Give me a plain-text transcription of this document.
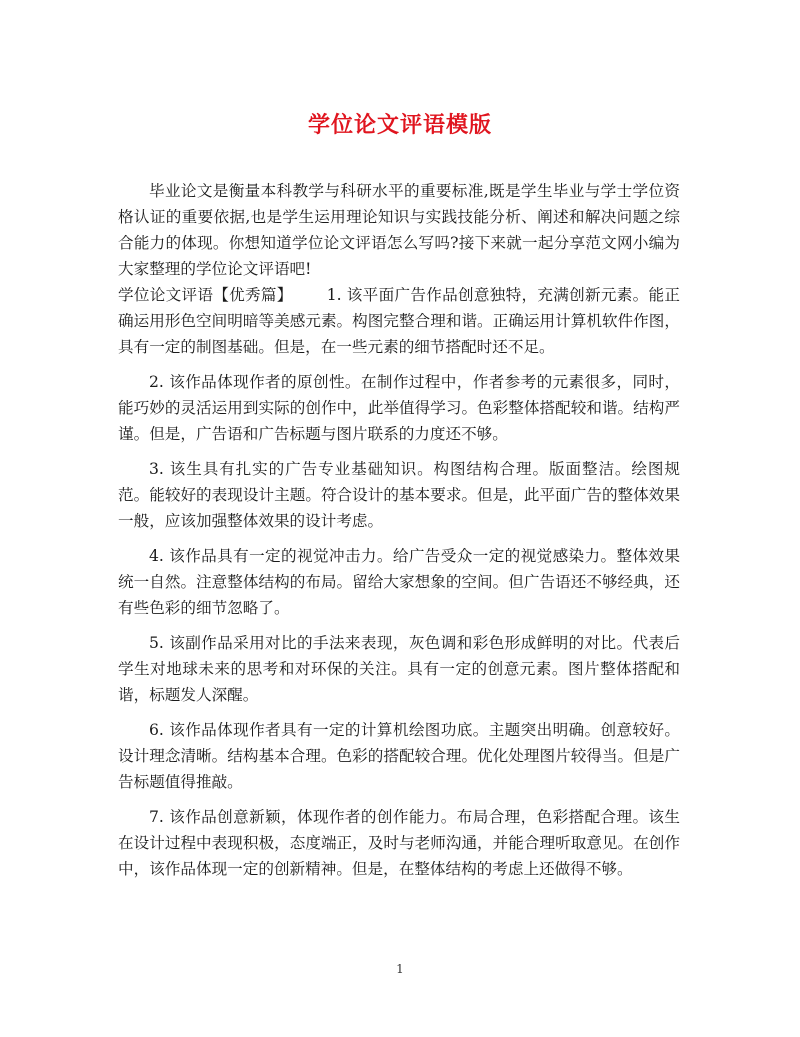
学位论文评语模版

毕业论文是衡量本科教学与科研水平的重要标准,既是学生毕业与学士学位资格认证的重要依据,也是学生运用理论知识与实践技能分析、阐述和解决问题之综合能力的体现。你想知道学位论文评语怎么写吗?接下来就一起分享范文网小编为大家整理的学位论文评语吧!

学位论文评语【优秀篇】 1. 该平面广告作品创意独特，充满创新元素。能正确运用形色空间明暗等美感元素。构图完整合理和谐。正确运用计算机软件作图，具有一定的制图基础。但是，在一些元素的细节搭配时还不足。

2. 该作品体现作者的原创性。在制作过程中，作者参考的元素很多，同时，能巧妙的灵活运用到实际的创作中，此举值得学习。色彩整体搭配较和谐。结构严谨。但是，广告语和广告标题与图片联系的力度还不够。

3. 该生具有扎实的广告专业基础知识。构图结构合理。版面整洁。绘图规范。能较好的表现设计主题。符合设计的基本要求。但是，此平面广告的整体效果一般，应该加强整体效果的设计考虑。

4. 该作品具有一定的视觉冲击力。给广告受众一定的视觉感染力。整体效果统一自然。注意整体结构的布局。留给大家想象的空间。但广告语还不够经典，还有些色彩的细节忽略了。

5. 该副作品采用对比的手法来表现，灰色调和彩色形成鲜明的对比。代表后学生对地球未来的思考和对环保的关注。具有一定的创意元素。图片整体搭配和谐，标题发人深醒。

6. 该作品体现作者具有一定的计算机绘图功底。主题突出明确。创意较好。设计理念清晰。结构基本合理。色彩的搭配较合理。优化处理图片较得当。但是广告标题值得推敲。

7. 该作品创意新颖，体现作者的创作能力。布局合理，色彩搭配合理。该生在设计过程中表现积极，态度端正，及时与老师沟通，并能合理听取意见。在创作中，该作品体现一定的创新精神。但是，在整体结构的考虑上还做得不够。

1
